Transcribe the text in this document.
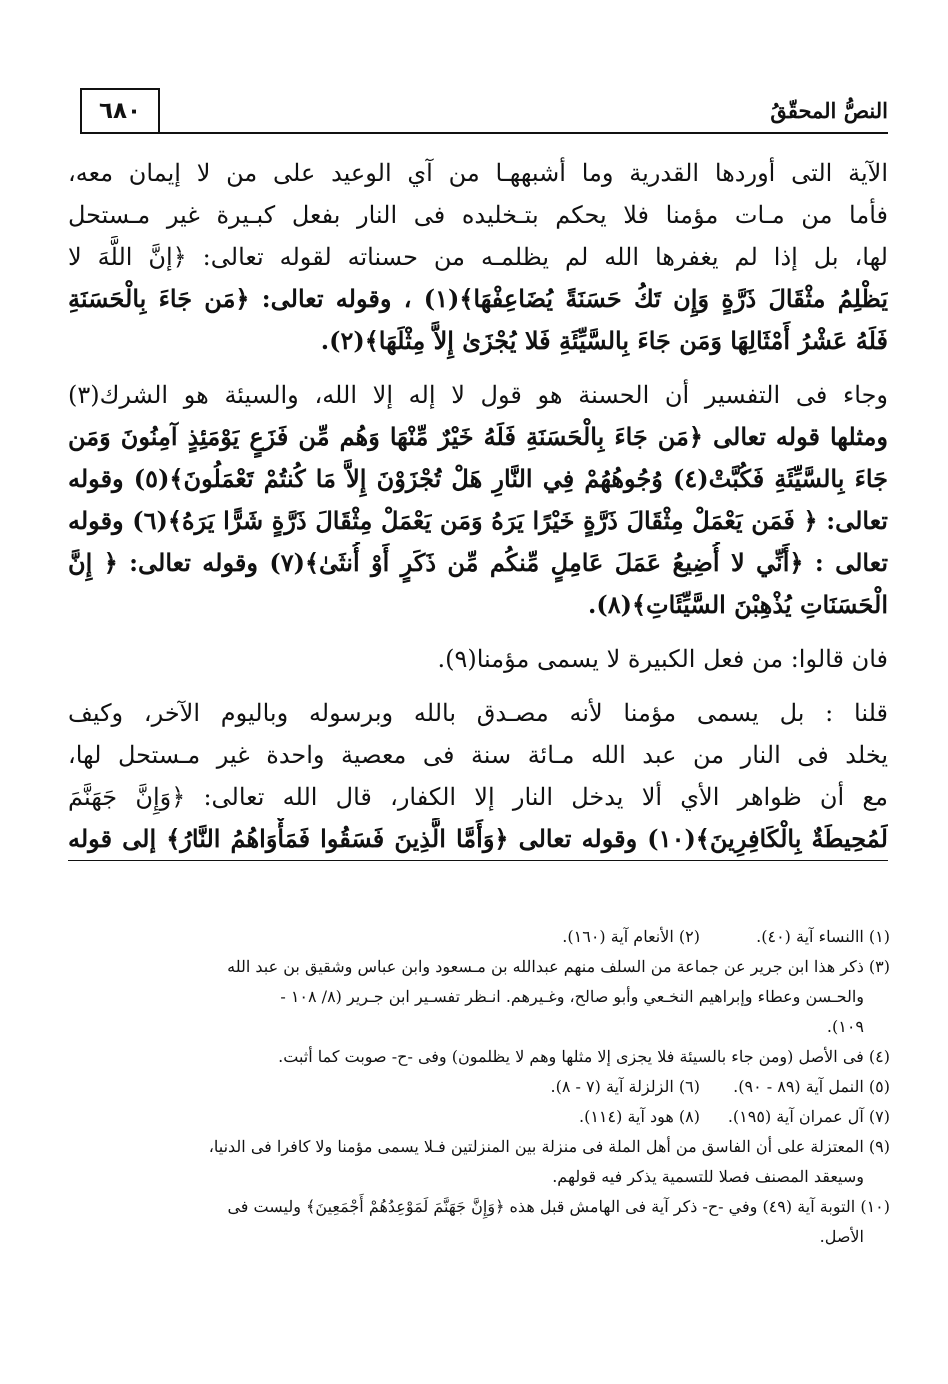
النصُّ المحقّقُ
٦٨٠
الآية التى أوردها القدرية وما أشبههـا من آي الوعيد على من لا إيمان معه،
فأما من مـات مؤمنا فلا يحكم بتـخليده فى النار بفعل كبـيرة غير مـستحل
لها، بل إذا لم يغفرها الله لم يظلمـه من حسناته لقوله تعالى: ﴿إنَّ اللَّهَ لا
يَظْلِمُ مثْقَالَ ذَرَّةٍ وَإِن تَكُ حَسَنَةً يُضَاعِفْهَا﴾(١) ، وقوله تعالى: ﴿مَن جَاءَ بِالْحَسَنَةِ
فَلَهُ عَشْرُ أَمْثَالِهَا وَمَن جَاءَ بِالسَّيِّئَةِ فَلا يُجْزَىٰ إِلاَّ مِثْلَهَا﴾(٢).
وجاء فى التفسير أن الحسنة هو قول لا إله إلا الله، والسيئة هو الشرك(٣)
ومثلها قوله تعالى ﴿مَن جَاءَ بِالْحَسَنَةِ فَلَهُ خَيْرٌ مِّنْهَا وَهُم مِّن فَزَعٍ يَوْمَئِذٍ آمِنُونَ وَمَن
جَاءَ بِالسَّيِّئَةِ فَكُبَّتْ(٤) وُجُوهُهُمْ فِي النَّارِ هَلْ تُجْزَوْنَ إِلاَّ مَا كُنتُمْ تَعْمَلُونَ﴾(٥) وقوله
تعالى: ﴿ فَمَن يَعْمَلْ مِثْقَالَ ذَرَّةٍ خَيْرًا يَرَهُ وَمَن يَعْمَلْ مِثْقَالَ ذَرَّةٍ شَرًّا يَرَهُ﴾(٦) وقوله
تعالى : ﴿أَنِّي لا أُضِيعُ عَمَلَ عَامِلٍ مِّنكُم مِّن ذَكَرٍ أَوْ أُنثَىٰ﴾(٧) وقوله تعالى: ﴿ إِنَّ
الْحَسَنَاتِ يُذْهِبْنَ السَّيِّئَاتِ﴾(٨).
فان قالوا: من فعل الكبيرة لا يسمى مؤمنا(٩).
قلنا : بل يسمى مؤمنا لأنه مصـدق بالله وبرسوله وباليوم الآخر، وكيف
يخلد فى النار من عبد الله مـائة سنة فى معصية واحدة غير مـستحل لها،
مع أن ظواهر الأي ألا يدخل النار إلا الكفار، قال الله تعالى: ﴿وَإِنَّ جَهَنَّمَ
لَمُحِيطَةٌ بِالْكَافِرِينَ﴾(١٠) وقوله تعالى ﴿وَأَمَّا الَّذِينَ فَسَقُوا فَمَأْوَاهُمُ النَّارُ﴾ إلى قوله
(١) االنساء آية (٤٠).
(٢) الأنعام آية (١٦٠).
(٣) ذكر هذا ابن جرير عن جماعة من السلف منهم عبدالله بن مـسعود وابن عباس وشقيق بن عبد الله
والحـسن وعطاء وإبراهيم النخـعي وأبو صالح، وغـيرهم. انـظر تفسـير ابن جـرير (٨/ ١٠٨ -
١٠٩).
(٤) فى الأصل (ومن جاء بالسيئة فلا يجزى إلا مثلها وهم لا يظلمون) وفى -ح- صوبت كما أثبت.
(٥) النمل آية (٨٩ - ٩٠).
(٦) الزلزلة آية (٧ - ٨).
(٧) آل عمران آية (١٩٥).
(٨) هود آية (١١٤).
(٩) المعتزلة على أن الفاسق من أهل الملة فى منزلة بين المنزلتين فـلا يسمى مؤمنا ولا كافرا فى الدنيا،
وسيعقد المصنف فصلا للتسمية يذكر فيه قولهم.
(١٠) التوبة آية (٤٩) وفي -ح- ذكر آية فى الهامش قبل هذه ﴿وَإِنَّ جَهَنَّمَ لَمَوْعِدُهُمْ أَجْمَعِينَ﴾ وليست فى
الأصل.
